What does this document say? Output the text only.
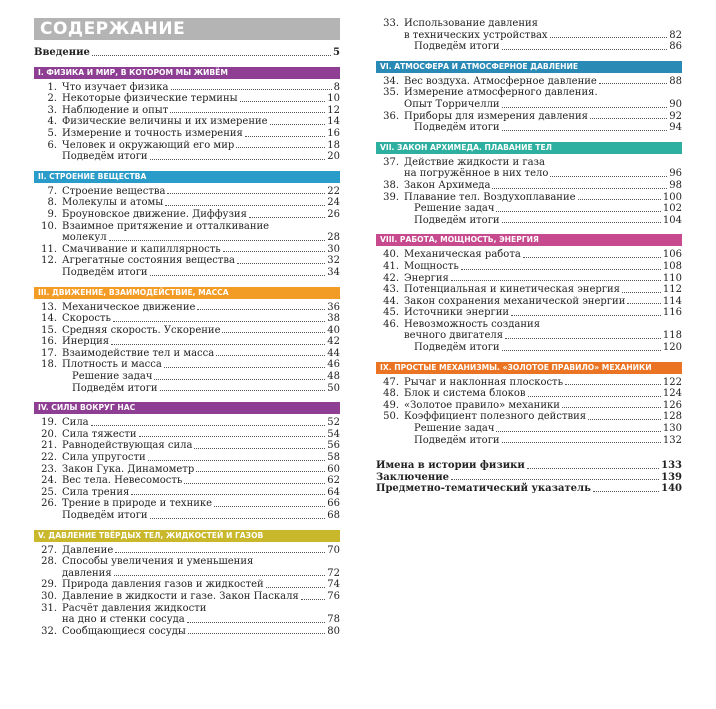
СОДЕРЖАНИЕ
Введение	5
I. ФИЗИКА И МИР, В КОТОРОМ МЫ ЖИВЁМ
1. Что изучает физика	8
2. Некоторые физические термины	10
3. Наблюдение и опыт	12
4. Физические величины и их измерение	14
5. Измерение и точность измерения	16
6. Человек и окружающий его мир	18
Подведём итоги	20
II. СТРОЕНИЕ ВЕЩЕСТВА
7. Строение вещества	22
8. Молекулы и атомы	24
9. Броуновское движение. Диффузия	26
10. Взаимное притяжение и отталкивание
молекул	28
11. Смачивание и капиллярность	30
12. Агрегатные состояния вещества	32
Подведём итоги	34
III. ДВИЖЕНИЕ, ВЗАИМОДЕЙСТВИЕ, МАССА
13. Механическое движение	36
14. Скорость	38
15. Средняя скорость. Ускорение	40
16. Инерция	42
17. Взаимодействие тел и масса	44
18. Плотность и масса	46
Решение задач	48
Подведём итоги	50
IV. СИЛЫ ВОКРУГ НАС
19. Сила	52
20. Сила тяжести	54
21. Равнодействующая сила	56
22. Сила упругости	58
23. Закон Гука. Динамометр	60
24. Вес тела. Невесомость	62
25. Сила трения	64
26. Трение в природе и технике	66
Подведём итоги	68
V. ДАВЛЕНИЕ ТВЁРДЫХ ТЕЛ, ЖИДКОСТЕЙ И ГАЗОВ
27. Давление	70
28. Способы увеличения и уменьшения
давления	72
29. Природа давления газов и жидкостей	74
30. Давление в жидкости и газе. Закон Паскаля	76
31. Расчёт давления жидкости
на дно и стенки сосуда	78
32. Сообщающиеся сосуды	80
33. Использование давления
в технических устройствах	82
Подведём итоги	86
VI. АТМОСФЕРА И АТМОСФЕРНОЕ ДАВЛЕНИЕ
34. Вес воздуха. Атмосферное давление	88
35. Измерение атмосферного давления.
Опыт Торричелли	90
36. Приборы для измерения давления	92
Подведём итоги	94
VII. ЗАКОН АРХИМЕДА. ПЛАВАНИЕ ТЕЛ
37. Действие жидкости и газа
на погружённое в них тело	96
38. Закон Архимеда	98
39. Плавание тел. Воздухоплавание	100
Решение задач	102
Подведём итоги	104
VIII. РАБОТА, МОЩНОСТЬ, ЭНЕРГИЯ
40. Механическая работа	106
41. Мощность	108
42. Энергия	110
43. Потенциальная и кинетическая энергия	112
44. Закон сохранения механической энергии	114
45. Источники энергии	116
46. Невозможность создания
вечного двигателя	118
Подведём итоги	120
IX. ПРОСТЫЕ МЕХАНИЗМЫ. «ЗОЛОТОЕ ПРАВИЛО» МЕХАНИКИ
47. Рычаг и наклонная плоскость	122
48. Блок и система блоков	124
49. «Золотое правило» механики	126
50. Коэффициент полезного действия	128
Решение задач	130
Подведём итоги	132
Имена в истории физики	133
Заключение	139
Предметно-тематический указатель	140
